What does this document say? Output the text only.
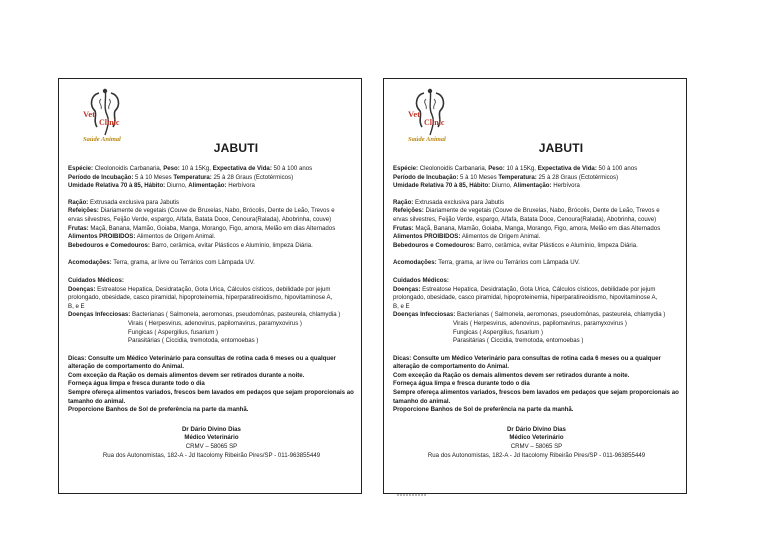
Vet
Clinic
Saúde Animal
JABUTI

Espécie: Cleolonoidis Carbanaria, Peso: 10 à 15Kg, Expectativa de Vida: 50 à 100 anos

Período de Incubação: 5 à 10 Meses Temperatura: 25 à 28 Graus (Ectotérmicos)

Umidade Relativa 70 à 85, Hábito: Diurno, Alimentação: Herbívora

Ração: Extrusada exclusiva para Jabutis

Refeições: Diariamente de vegetais (Couve de Bruxelas, Nabo, Brócolis, Dente de Leão, Trevos e

ervas silvestres, Feijão Verde, espargo, Alfafa, Batata Doce, Cenoura(Ralada), Abobrinha, couve)

Frutas: Maçã, Banana, Mamão, Goiaba, Manga, Morango, Figo, amora, Melão em dias Alternados

Alimentos PROIBIDOS: Alimentos de Origem Animal.

Bebedouros e Comedouros: Barro, cerâmica, evitar Plásticos e Alumínio, limpeza Diária.

Acomodações: Terra, grama, ar livre ou Terrários com Lâmpada UV.

Cuidados Médicos:

Doenças: Estreatose Hepatica, Desidratação, Gota Urica, Cálculos císticos, debilidade por jejum

prolongado, obesidade, casco piramidal, hipoproteinemia, hiperparatireoidismo, hipovitaminose A,

B, e E

Doenças Infecciosas: Bacterianas ( Salmonela, aeromonas, pseudomônas, pasteurela, chlamydia )

Virais ( Herpesvirus, adenovirus, papilomavirus, paramyxovirus )

Fungicas ( Aspergilius, fusarium )

Parasitárias ( Ciccidia, tremotoda, entomoebas )

Dicas: Consulte um Médico Veterinário para consultas de rotina cada 6 meses ou a qualquer

alteração de comportamento do Animal.

Com exceção da Ração os demais alimentos devem ser retirados durante a noite.

Forneça água limpa e fresca durante todo o dia

Sempre ofereça alimentos variados, frescos bem lavados em pedaços que sejam proporcionais ao

tamanho do animal.

Proporcione Banhos de Sol de preferência na parte da manhã.

Dr Dário Divino Dias

Médico Veterinário

CRMV – 58065 SP

Rua dos Autonomistas, 182-A - Jd Itacolomy Ribeirão Pires/SP - 011-963855449

Vet
Clinic
Saúde Animal
JABUTI

Espécie: Cleolonoidis Carbanaria, Peso: 10 à 15Kg, Expectativa de Vida: 50 à 100 anos

Período de Incubação: 5 à 10 Meses Temperatura: 25 à 28 Graus (Ectotérmicos)

Umidade Relativa 70 à 85, Hábito: Diurno, Alimentação: Herbívora

Ração: Extrusada exclusiva para Jabutis

Refeições: Diariamente de vegetais (Couve de Bruxelas, Nabo, Brócolis, Dente de Leão, Trevos e

ervas silvestres, Feijão Verde, espargo, Alfafa, Batata Doce, Cenoura(Ralada), Abobrinha, couve)

Frutas: Maçã, Banana, Mamão, Goiaba, Manga, Morango, Figo, amora, Melão em dias Alternados

Alimentos PROIBIDOS: Alimentos de Origem Animal.

Bebedouros e Comedouros: Barro, cerâmica, evitar Plásticos e Alumínio, limpeza Diária.

Acomodações: Terra, grama, ar livre ou Terrários com Lâmpada UV.

Cuidados Médicos:

Doenças: Estreatose Hepatica, Desidratação, Gota Urica, Cálculos císticos, debilidade por jejum

prolongado, obesidade, casco piramidal, hipoproteinemia, hiperparatireoidismo, hipovitaminose A,

B, e E

Doenças Infecciosas: Bacterianas ( Salmonela, aeromonas, pseudomônas, pasteurela, chlamydia )

Virais ( Herpesvirus, adenovirus, papilomavirus, paramyxovirus )

Fungicas ( Aspergilius, fusarium )

Parasitárias ( Ciccidia, tremotoda, entomoebas )

Dicas: Consulte um Médico Veterinário para consultas de rotina cada 6 meses ou a qualquer

alteração de comportamento do Animal.

Com exceção da Ração os demais alimentos devem ser retirados durante a noite.

Forneça água limpa e fresca durante todo o dia

Sempre ofereça alimentos variados, frescos bem lavados em pedaços que sejam proporcionais ao

tamanho do animal.

Proporcione Banhos de Sol de preferência na parte da manhã.

Dr Dário Divino Dias

Médico Veterinário

CRMV – 58065 SP

Rua dos Autonomistas, 182-A - Jd Itacolomy Ribeirão Pires/SP - 011-963855449
